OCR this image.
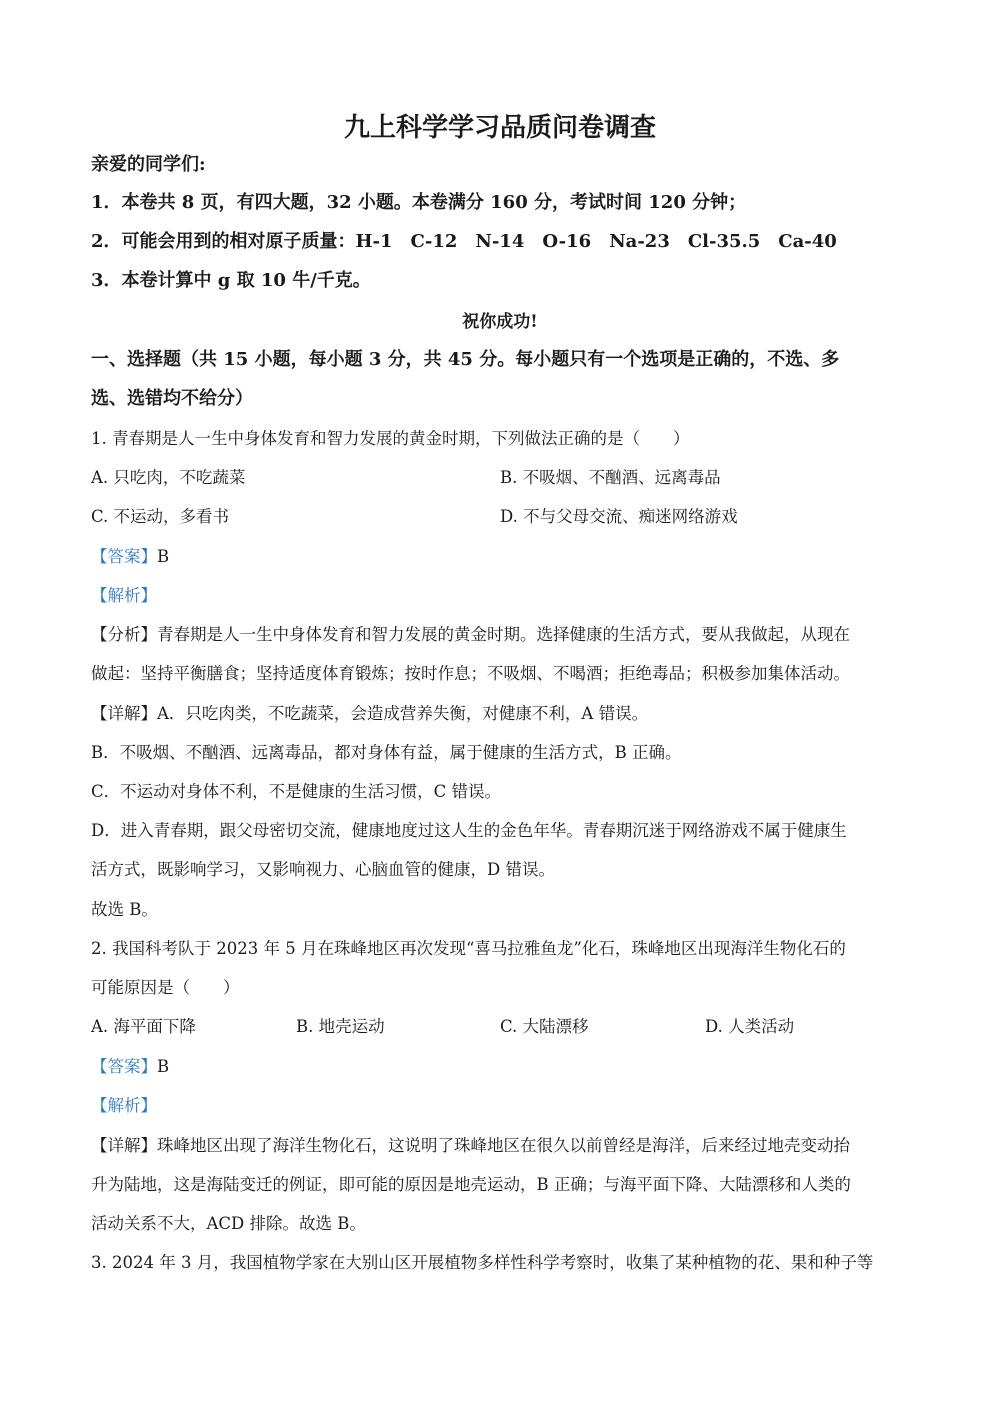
九上科学学习品质问卷调查
亲爱的同学们:
1．本卷共 8 页，有四大题，32 小题。本卷满分 160 分，考试时间 120 分钟；
2．可能会用到的相对原子质量：H-1　C-12　N-14　O-16　Na-23　Cl-35.5　Ca-40
3．本卷计算中 g 取 10 牛/千克。
祝你成功!
一、选择题（共 15 小题，每小题 3 分，共 45 分。每小题只有一个选项是正确的，不选、多
选、选错均不给分）
1. 青春期是人一生中身体发育和智力发展的黄金时期，下列做法正确的是（　　）
A. 只吃肉，不吃蔬菜	B. 不吸烟、不酗酒、远离毒品
C. 不运动，多看书	D. 不与父母交流、痴迷网络游戏
【答案】B
【解析】
【分析】青春期是人一生中身体发育和智力发展的黄金时期。选择健康的生活方式，要从我做起，从现在
做起：坚持平衡膳食；坚持适度体育锻炼；按时作息；不吸烟、不喝酒；拒绝毒品；积极参加集体活动。
【详解】A．只吃肉类，不吃蔬菜，会造成营养失衡，对健康不利，A 错误。
B．不吸烟、不酗酒、远离毒品，都对身体有益，属于健康的生活方式，B 正确。
C．不运动对身体不利，不是健康的生活习惯，C 错误。
D．进入青春期，跟父母密切交流，健康地度过这人生的金色年华。青春期沉迷于网络游戏不属于健康生
活方式，既影响学习，又影响视力、心脑血管的健康，D 错误。
故选 B。
2. 我国科考队于 2023 年 5 月在珠峰地区再次发现“喜马拉雅鱼龙”化石，珠峰地区出现海洋生物化石的
可能原因是（　　）
A. 海平面下降	B. 地壳运动	C. 大陆漂移	D. 人类活动
【答案】B
【解析】
【详解】珠峰地区出现了海洋生物化石，这说明了珠峰地区在很久以前曾经是海洋，后来经过地壳变动抬
升为陆地，这是海陆变迁的例证，即可能的原因是地壳运动，B 正确；与海平面下降、大陆漂移和人类的
活动关系不大，ACD 排除。故选 B。
3. 2024 年 3 月，我国植物学家在大别山区开展植物多样性科学考察时，收集了某种植物的花、果和种子等
